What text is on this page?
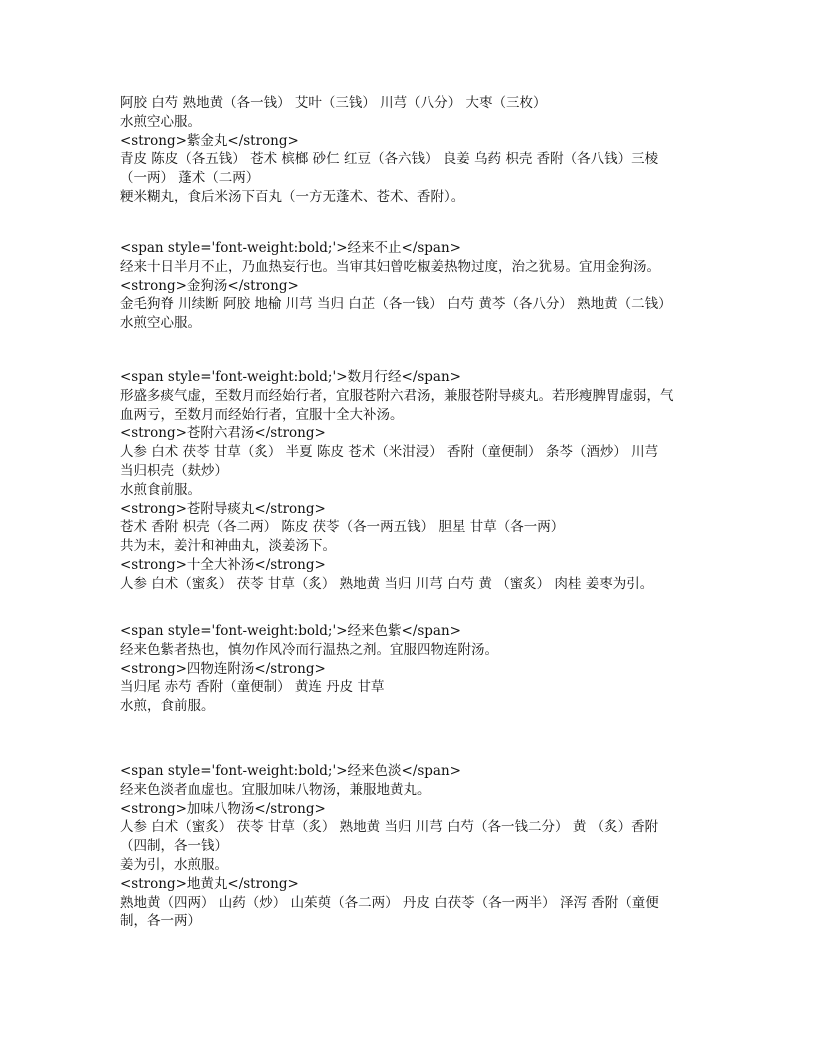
阿胶 白芍 熟地黄（各一钱） 艾叶（三钱） 川芎（八分） 大枣（三枚）
水煎空心服。
<strong>紫金丸</strong>
青皮 陈皮（各五钱） 苍术 槟榔 砂仁 红豆（各六钱） 良姜 乌药 枳壳 香附（各八钱）三棱
（一两） 蓬术（二两）
粳米糊丸，食后米汤下百丸（一方无蓬术、苍术、香附）。
<span style='font-weight:bold;'>经来不止</span>
经来十日半月不止，乃血热妄行也。当审其妇曾吃椒姜热物过度，治之犹易。宜用金狗汤。
<strong>金狗汤</strong>
金毛狗脊 川续断 阿胶 地榆 川芎 当归 白芷（各一钱） 白芍 黄芩（各八分） 熟地黄（二钱）
水煎空心服。
<span style='font-weight:bold;'>数月行经</span>
形盛多痰气虚，至数月而经始行者，宜服苍附六君汤，兼服苍附导痰丸。若形瘦脾胃虚弱，气
血两亏，至数月而经始行者，宜服十全大补汤。
<strong>苍附六君汤</strong>
人参 白术 茯苓 甘草（炙） 半夏 陈皮 苍术（米泔浸） 香附（童便制） 条芩（酒炒） 川芎
当归枳壳（麸炒）
水煎食前服。
<strong>苍附导痰丸</strong>
苍术 香附 枳壳（各二两） 陈皮 茯苓（各一两五钱） 胆星 甘草（各一两）
共为末，姜汁和神曲丸，淡姜汤下。
<strong>十全大补汤</strong>
人参 白术（蜜炙） 茯苓 甘草（炙） 熟地黄 当归 川芎 白芍 黄 （蜜炙） 肉桂 姜枣为引。
<span style='font-weight:bold;'>经来色紫</span>
经来色紫者热也，慎勿作风冷而行温热之剂。宜服四物连附汤。
<strong>四物连附汤</strong>
当归尾 赤芍 香附（童便制） 黄连 丹皮 甘草
水煎，食前服。
<span style='font-weight:bold;'>经来色淡</span>
经来色淡者血虚也。宜服加味八物汤，兼服地黄丸。
<strong>加味八物汤</strong>
人参 白术（蜜炙） 茯苓 甘草（炙） 熟地黄 当归 川芎 白芍（各一钱二分） 黄 （炙）香附
（四制，各一钱）
姜为引，水煎服。
<strong>地黄丸</strong>
熟地黄（四两） 山药（炒） 山茱萸（各二两） 丹皮 白茯苓（各一两半） 泽泻 香附（童便
制，各一两）
